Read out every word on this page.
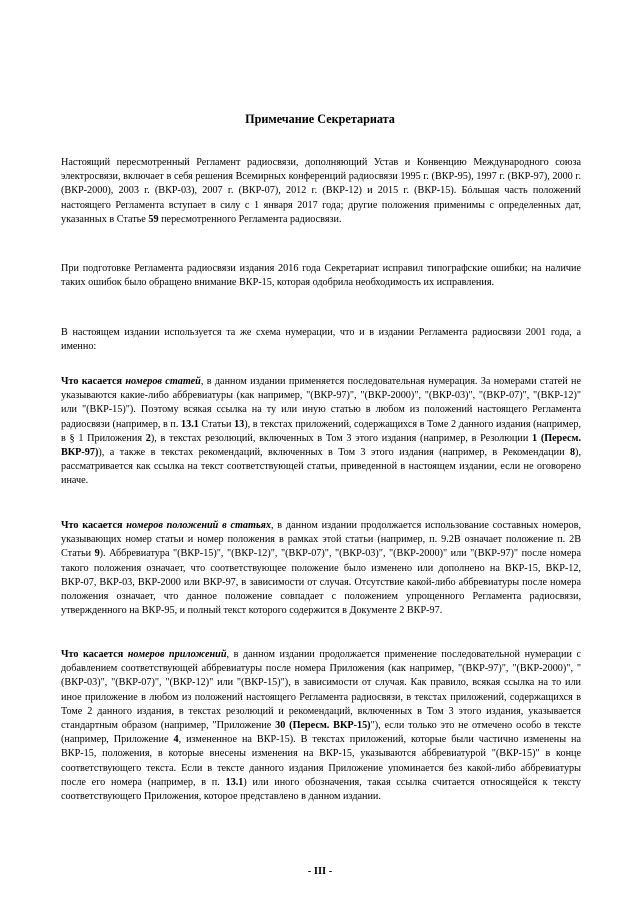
Примечание Секретариата

Настоящий пересмотренный Регламент радиосвязи, дополняющий Устав и Конвенцию Международного союза электросвязи, включает в себя решения Всемирных конференций радиосвязи 1995 г. (ВКР-95), 1997 г. (ВКР-97), 2000 г. (ВКР-2000), 2003 г. (ВКР-03), 2007 г. (ВКР-07), 2012 г. (ВКР-12) и 2015 г. (ВКР-15). Бóльшая часть положений настоящего Регламента вступает в силу с 1 января 2017 года; другие положения применимы с определенных дат, указанных в Статье 59 пересмотренного Регламента радиосвязи.

При подготовке Регламента радиосвязи издания 2016 года Секретариат исправил типографские ошибки; на наличие таких ошибок было обращено внимание ВКР-15, которая одобрила необходимость их исправления.

В настоящем издании используется та же схема нумерации, что и в издании Регламента радиосвязи 2001 года, а именно:

Что касается номеров статей, в данном издании применяется последовательная нумерация. За номерами статей не указываются какие-либо аббревиатуры (как например, "(ВКР-97)", "(ВКР-2000)", "(ВКР-03)", "(ВКР-07)", "(ВКР-12)" или "(ВКР-15)"). Поэтому всякая ссылка на ту или иную статью в любом из положений настоящего Регламента радиосвязи (например, в п. 13.1 Статьи 13), в текстах приложений, содержащихся в Томе 2 данного издания (например, в § 1 Приложения 2), в текстах резолюций, включенных в Том 3 этого издания (например, в Резолюции 1 (Пересм. ВКР-97)), а также в текстах рекомендаций, включенных в Том 3 этого издания (например, в Рекомендации 8), рассматривается как ссылка на текст соответствующей статьи, приведенной в настоящем издании, если не оговорено иначе.

Что касается номеров положений в статьях, в данном издании продолжается использование составных номеров, указывающих номер статьи и номер положения в рамках этой статьи (например, п. 9.2В означает положение п. 2В Статьи 9). Аббревиатура "(ВКР-15)", "(ВКР-12)", "(ВКР-07)", "(ВКР-03)", "(ВКР-2000)" или "(ВКР-97)" после номера такого положения означает, что соответствующее положение было изменено или дополнено на ВКР-15, ВКР-12, ВКР-07, ВКР-03, ВКР-2000 или ВКР-97, в зависимости от случая. Отсутствие какой-либо аббревиатуры после номера положения означает, что данное положение совпадает с положением упрощенного Регламента радиосвязи, утвержденного на ВКР-95, и полный текст которого содержится в Документе 2 ВКР-97.

Что касается номеров приложений, в данном издании продолжается применение последовательной нумерации с добавлением соответствующей аббревиатуры после номера Приложения (как например, "(ВКР-97)", "(ВКР-2000)", "(ВКР-03)", "(ВКР-07)", "(ВКР-12)" или "(ВКР-15)"), в зависимости от случая. Как правило, всякая ссылка на то или иное приложение в любом из положений настоящего Регламента радиосвязи, в текстах приложений, содержащихся в Томе 2 данного издания, в текстах резолюций и рекомендаций, включенных в Том 3 этого издания, указывается стандартным образом (например, "Приложение 30 (Пересм. ВКР-15)"), если только это не отмечено особо в тексте (например, Приложение 4, измененное на ВКР-15). В текстах приложений, которые были частично изменены на ВКР-15, положения, в которые внесены изменения на ВКР-15, указываются аббревиатурой "(ВКР-15)" в конце соответствующего текста. Если в тексте данного издания Приложение упоминается без какой-либо аббревиатуры после его номера (например, в п. 13.1) или иного обозначения, такая ссылка считается относящейся к тексту соответствующего Приложения, которое представлено в данном издании.

- III -
